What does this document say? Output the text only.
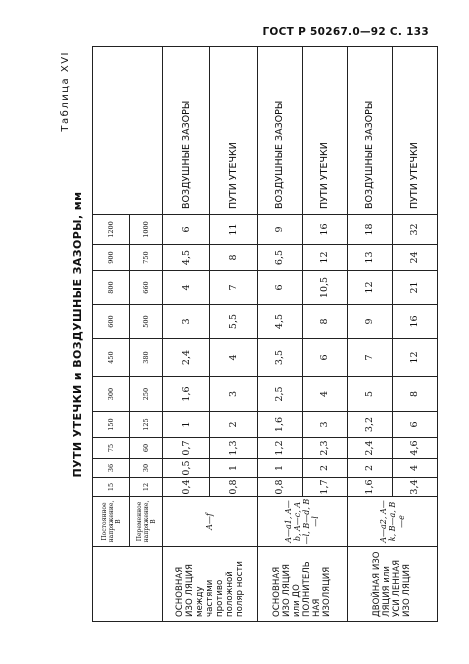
ГОСТ Р 50267.0—92 С. 133
Таблица XVI
ПУТИ УТЕЧКИ и ВОЗДУШНЫЕ ЗАЗОРЫ, мм
	Постоянное напряжение, В	15	36	75	150	300	450	600	800	900	1200	
	Переменное напряжение, В	12	30	60	125	250	380	500	660	750	1000	
ОСНОВНАЯ ИЗО ЛЯЦИЯ между частями противо положной поляр ности	A—f	0,4	0,5	0,7	1	1,6	2,4	3	4	4,5	6	ВОЗДУШНЫЕ ЗАЗОРЫ
		0,8	1	1,3	2	3	4	5,5	7	8	11	ПУТИ УТЕЧКИ
ОСНОВНАЯ ИЗО ЛЯЦИЯ или ДО ПОЛНИТЕЛЬ НАЯ ИЗОЛЯЦИЯ	A—a1, A—b, A—c, A—l, B—d, B—l	0,8	1	1,2	1,6	2,5	3,5	4,5	6	6,5	9	ВОЗДУШНЫЕ ЗАЗОРЫ
		1,7	2	2,3	3	4	6	8	10,5	12	16	ПУТИ УТЕЧКИ
ДВОЙНАЯ ИЗО ЛЯЦИЯ или УСИ ЛЕННАЯ ИЗО ЛЯЦИЯ	A—a2, A—k, B—a, B—e	1,6	2	2,4	3,2	5	7	9	12	13	18	ВОЗДУШНЫЕ ЗАЗОРЫ
		3,4	4	4,6	6	8	12	16	21	24	32	ПУТИ УТЕЧКИ
